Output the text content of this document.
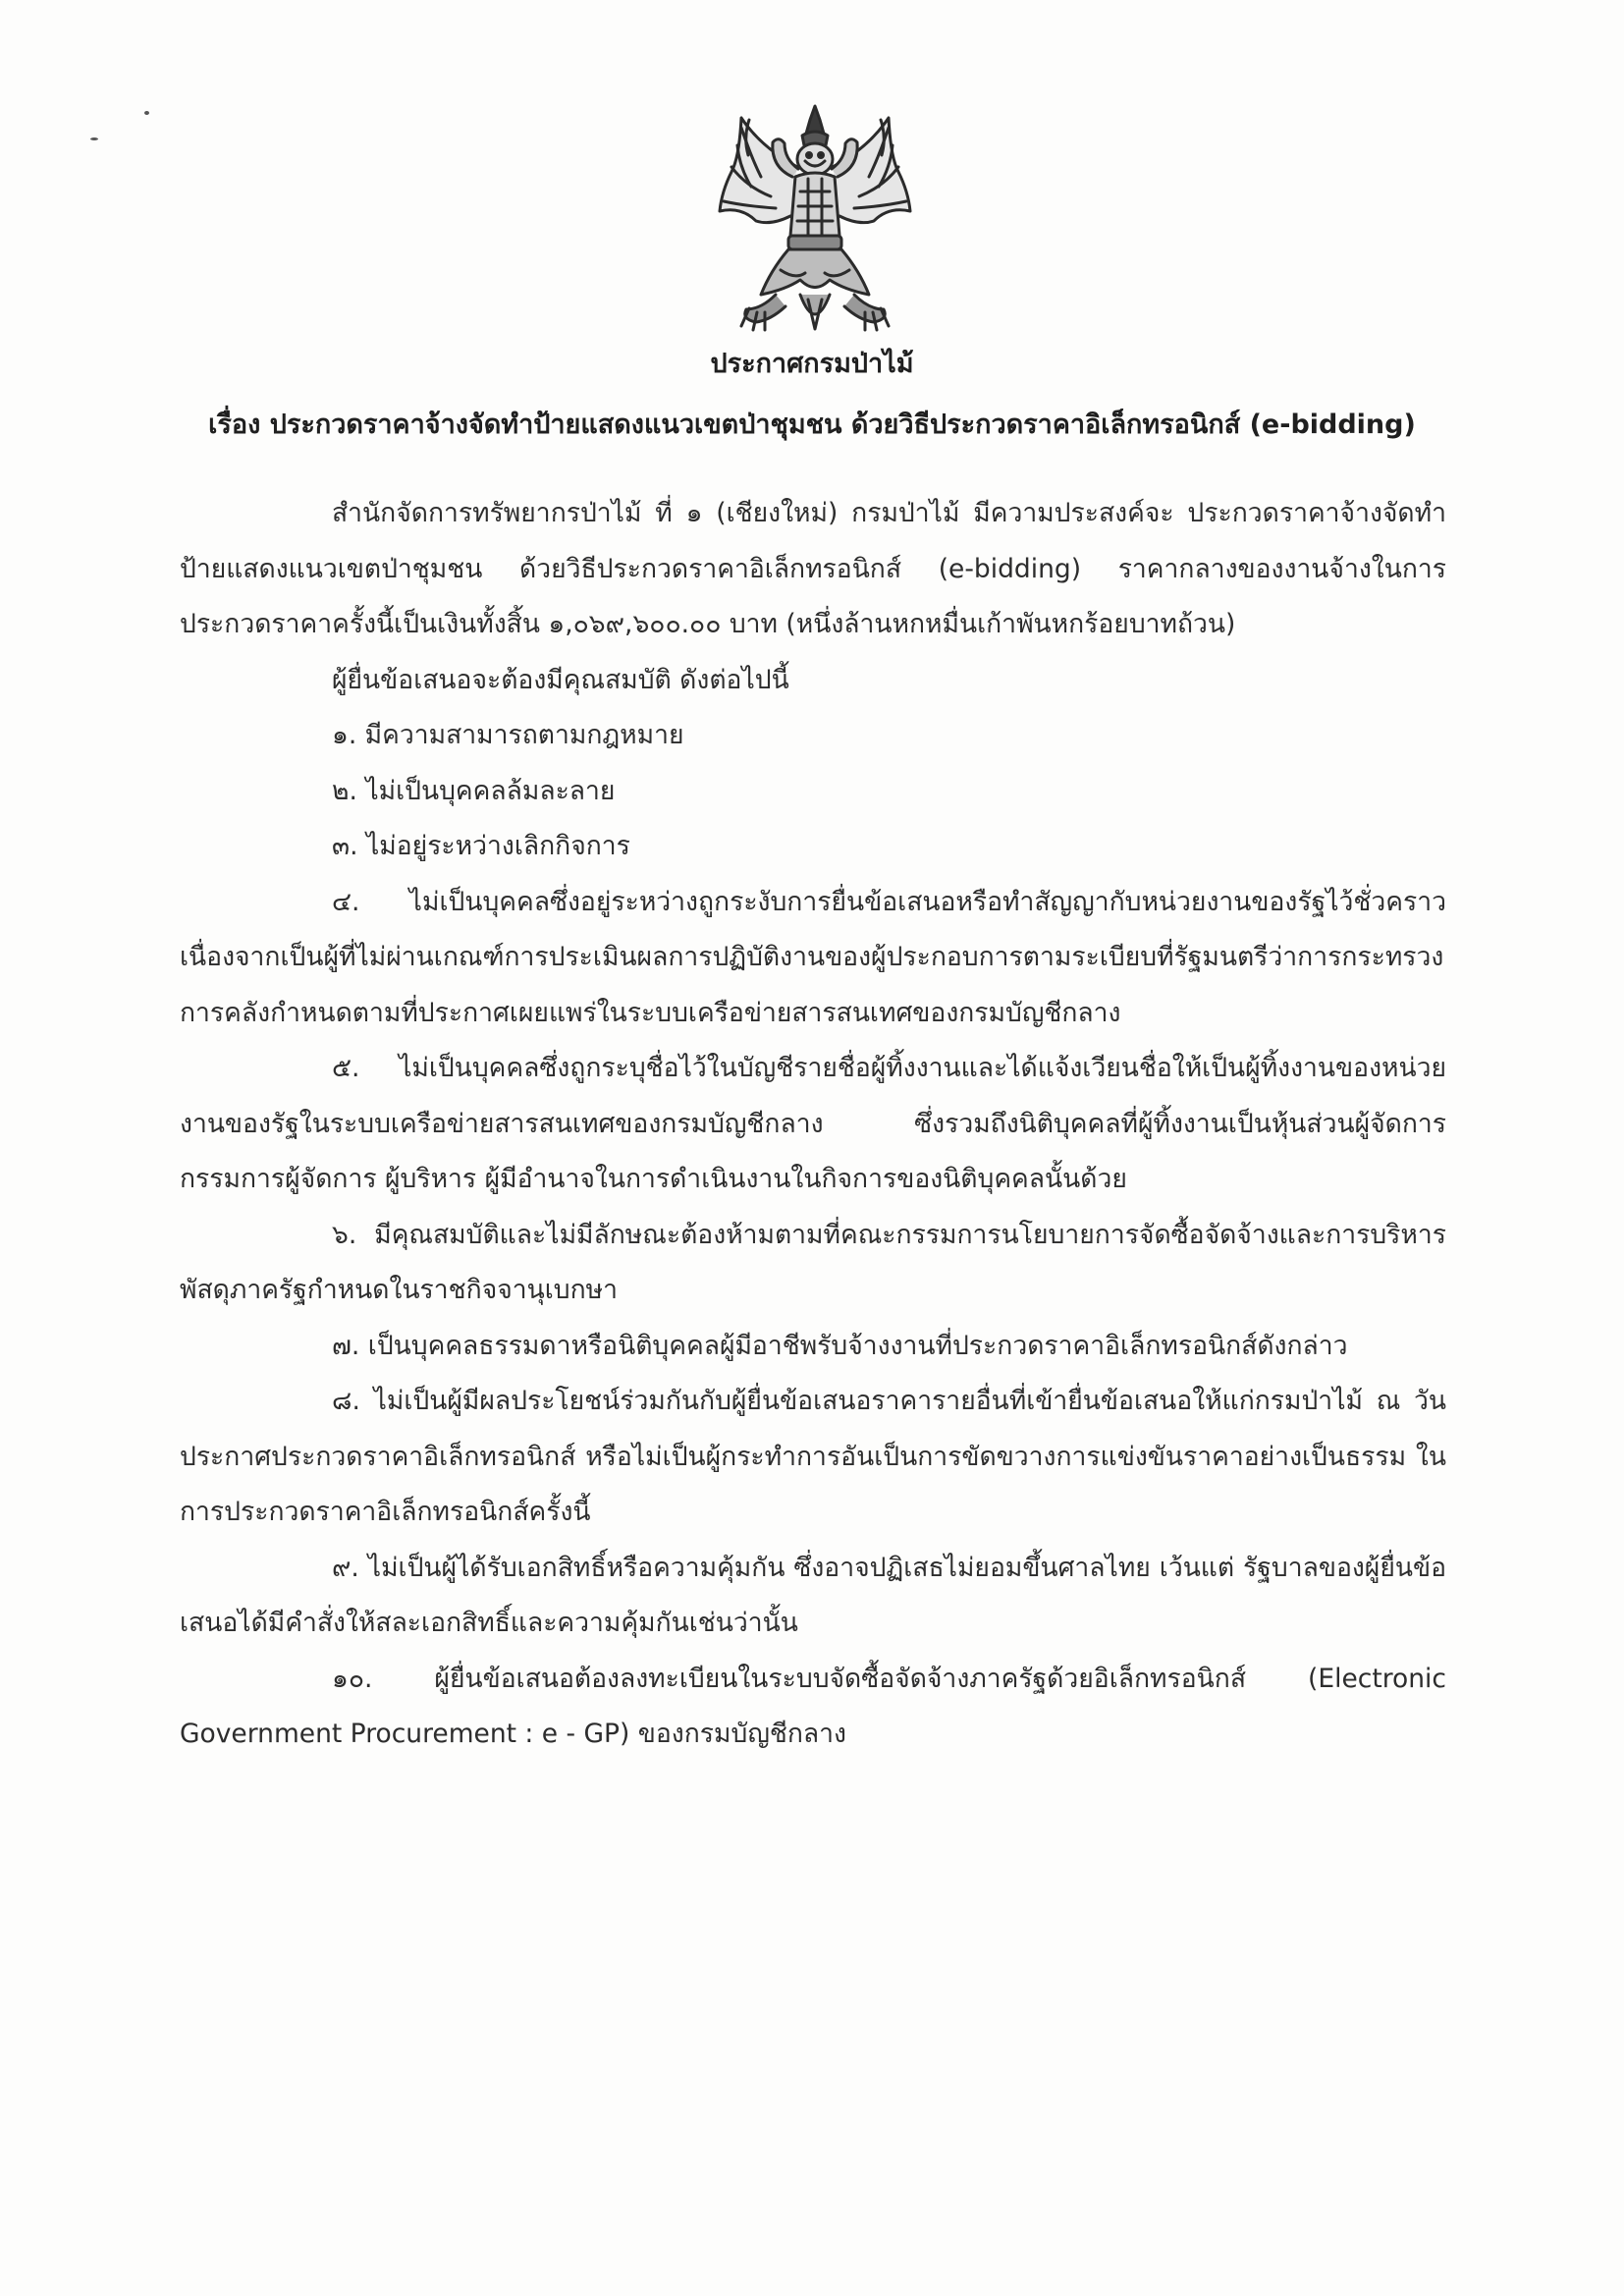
ประกาศกรมป่าไม้
เรื่อง ประกวดราคาจ้างจัดทำป้ายแสดงแนวเขตป่าชุมชน ด้วยวิธีประกวดราคาอิเล็กทรอนิกส์ (e-bidding)

สำนักจัดการทรัพยากรป่าไม้ ที่ ๑ (เชียงใหม่) กรมป่าไม้ มีความประสงค์จะ ประกวดราคาจ้างจัดทำป้ายแสดงแนวเขตป่าชุมชน ด้วยวิธีประกวดราคาอิเล็กทรอนิกส์ (e-bidding) ราคากลางของงานจ้างในการประกวดราคาครั้งนี้เป็นเงินทั้งสิ้น ๑,๐๖๙,๖๐๐.๐๐ บาท (หนึ่งล้านหกหมื่นเก้าพันหกร้อยบาทถ้วน)

ผู้ยื่นข้อเสนอจะต้องมีคุณสมบัติ ดังต่อไปนี้

๑. มีความสามารถตามกฎหมาย

๒. ไม่เป็นบุคคลล้มละลาย

๓. ไม่อยู่ระหว่างเลิกกิจการ

๔. ไม่เป็นบุคคลซึ่งอยู่ระหว่างถูกระงับการยื่นข้อเสนอหรือทำสัญญากับหน่วยงานของรัฐไว้ชั่วคราว เนื่องจากเป็นผู้ที่ไม่ผ่านเกณฑ์การประเมินผลการปฏิบัติงานของผู้ประกอบการตามระเบียบที่รัฐมนตรีว่าการกระทรวงการคลังกำหนดตามที่ประกาศเผยแพร่ในระบบเครือข่ายสารสนเทศของกรมบัญชีกลาง

๕. ไม่เป็นบุคคลซึ่งถูกระบุชื่อไว้ในบัญชีรายชื่อผู้ทิ้งงานและได้แจ้งเวียนชื่อให้เป็นผู้ทิ้งงานของหน่วยงานของรัฐในระบบเครือข่ายสารสนเทศของกรมบัญชีกลาง ซึ่งรวมถึงนิติบุคคลที่ผู้ทิ้งงานเป็นหุ้นส่วนผู้จัดการ กรรมการผู้จัดการ ผู้บริหาร ผู้มีอำนาจในการดำเนินงานในกิจการของนิติบุคคลนั้นด้วย

๖. มีคุณสมบัติและไม่มีลักษณะต้องห้ามตามที่คณะกรรมการนโยบายการจัดซื้อจัดจ้างและการบริหารพัสดุภาครัฐกำหนดในราชกิจจานุเบกษา

๗. เป็นบุคคลธรรมดาหรือนิติบุคคลผู้มีอาชีพรับจ้างงานที่ประกวดราคาอิเล็กทรอนิกส์ดังกล่าว

๘. ไม่เป็นผู้มีผลประโยชน์ร่วมกันกับผู้ยื่นข้อเสนอราคารายอื่นที่เข้ายื่นข้อเสนอให้แก่กรมป่าไม้ ณ วันประกาศประกวดราคาอิเล็กทรอนิกส์ หรือไม่เป็นผู้กระทำการอันเป็นการขัดขวางการแข่งขันราคาอย่างเป็นธรรม ในการประกวดราคาอิเล็กทรอนิกส์ครั้งนี้

๙. ไม่เป็นผู้ได้รับเอกสิทธิ์หรือความคุ้มกัน ซึ่งอาจปฏิเสธไม่ยอมขึ้นศาลไทย เว้นแต่ รัฐบาลของผู้ยื่นข้อเสนอได้มีคำสั่งให้สละเอกสิทธิ์และความคุ้มกันเช่นว่านั้น

๑๐. ผู้ยื่นข้อเสนอต้องลงทะเบียนในระบบจัดซื้อจัดจ้างภาครัฐด้วยอิเล็กทรอนิกส์ (Electronic Government Procurement : e - GP) ของกรมบัญชีกลาง
